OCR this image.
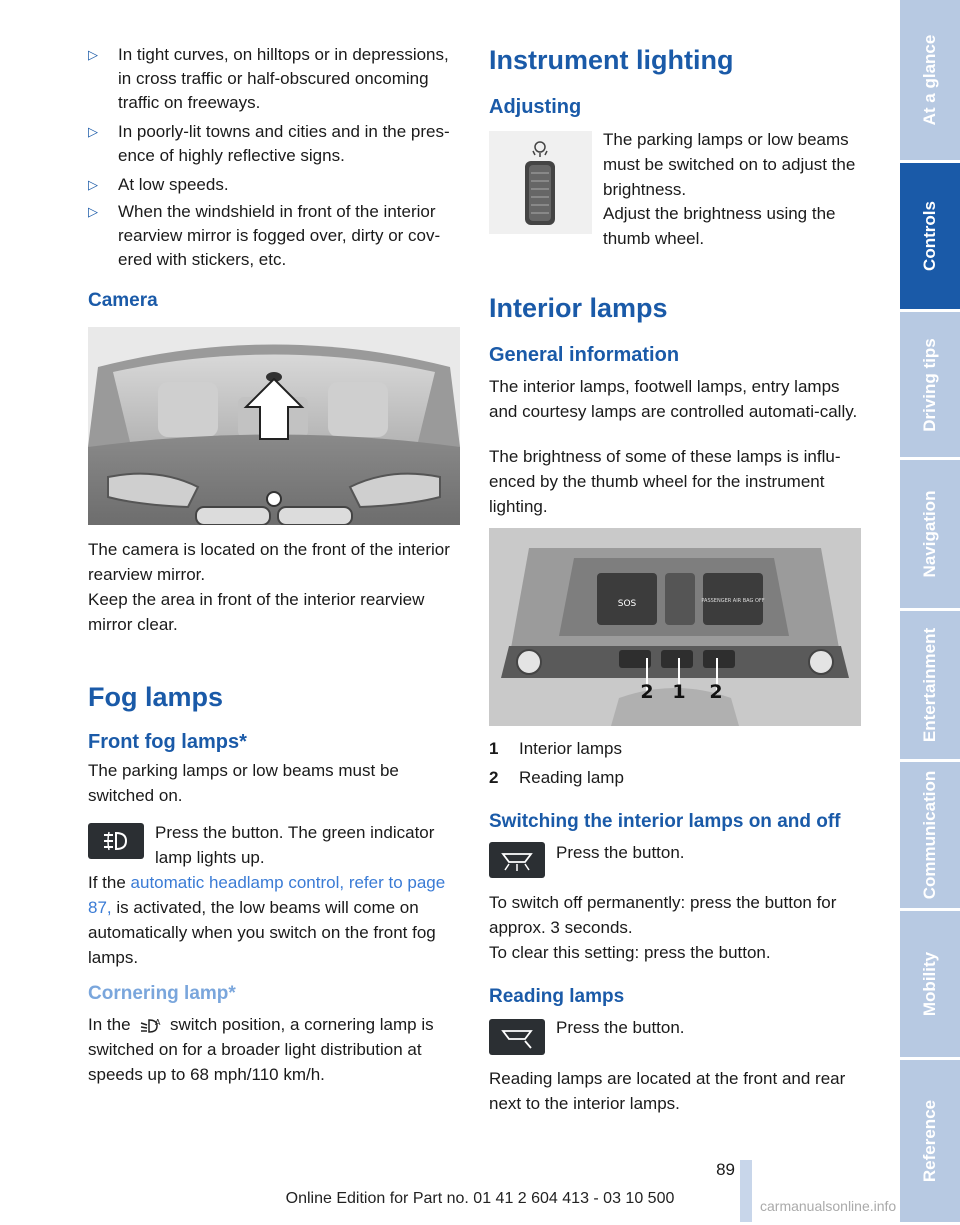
▷ In tight curves, on hilltops or in depressions, in cross traffic or half-obscured oncoming traffic on freeways.
▷ In poorly-lit towns and cities and in the pres-ence of highly reflective signs.
▷ At low speeds.
▷ When the windshield in front of the interior rearview mirror is fogged over, dirty or cov-ered with stickers, etc.
Camera
The camera is located on the front of the interior rearview mirror.
Keep the area in front of the interior rearview mirror clear.
Fog lamps
Front fog lamps*
The parking lamps or low beams must be switched on.
Press the button. The green indicator lamp lights up.
If the automatic headlamp control, refer to page 87, is activated, the low beams will come on automatically when you switch on the front fog lamps.
Cornering lamp*
In the	A switch position, a cornering lamp is switched on for a broader light distribution at speeds up to 68 mph/110 km/h.
Instrument lighting
Adjusting
The parking lamps or low beams must be switched on to adjust the brightness.
Adjust the brightness using the thumb wheel.
Interior lamps
General information
The interior lamps, footwell lamps, entry lamps and courtesy lamps are controlled automati-cally.
The brightness of some of these lamps is influ-enced by the thumb wheel for the instrument lighting.
SOS	PASSENGER AIR BAG OFF
2 1 2
1 Interior lamps
2 Reading lamp
Switching the interior lamps on and off
Press the button.
To switch off permanently: press the button for approx. 3 seconds.
To clear this setting: press the button.
Reading lamps
Press the button.
Reading lamps are located at the front and rear next to the interior lamps.
At a glance
Controls
Driving tips
Navigation
Entertainment
Communication
Mobility
Reference
89
Online Edition for Part no. 01 41 2 604 413 - 03 10 500	carmanualsonline.info
